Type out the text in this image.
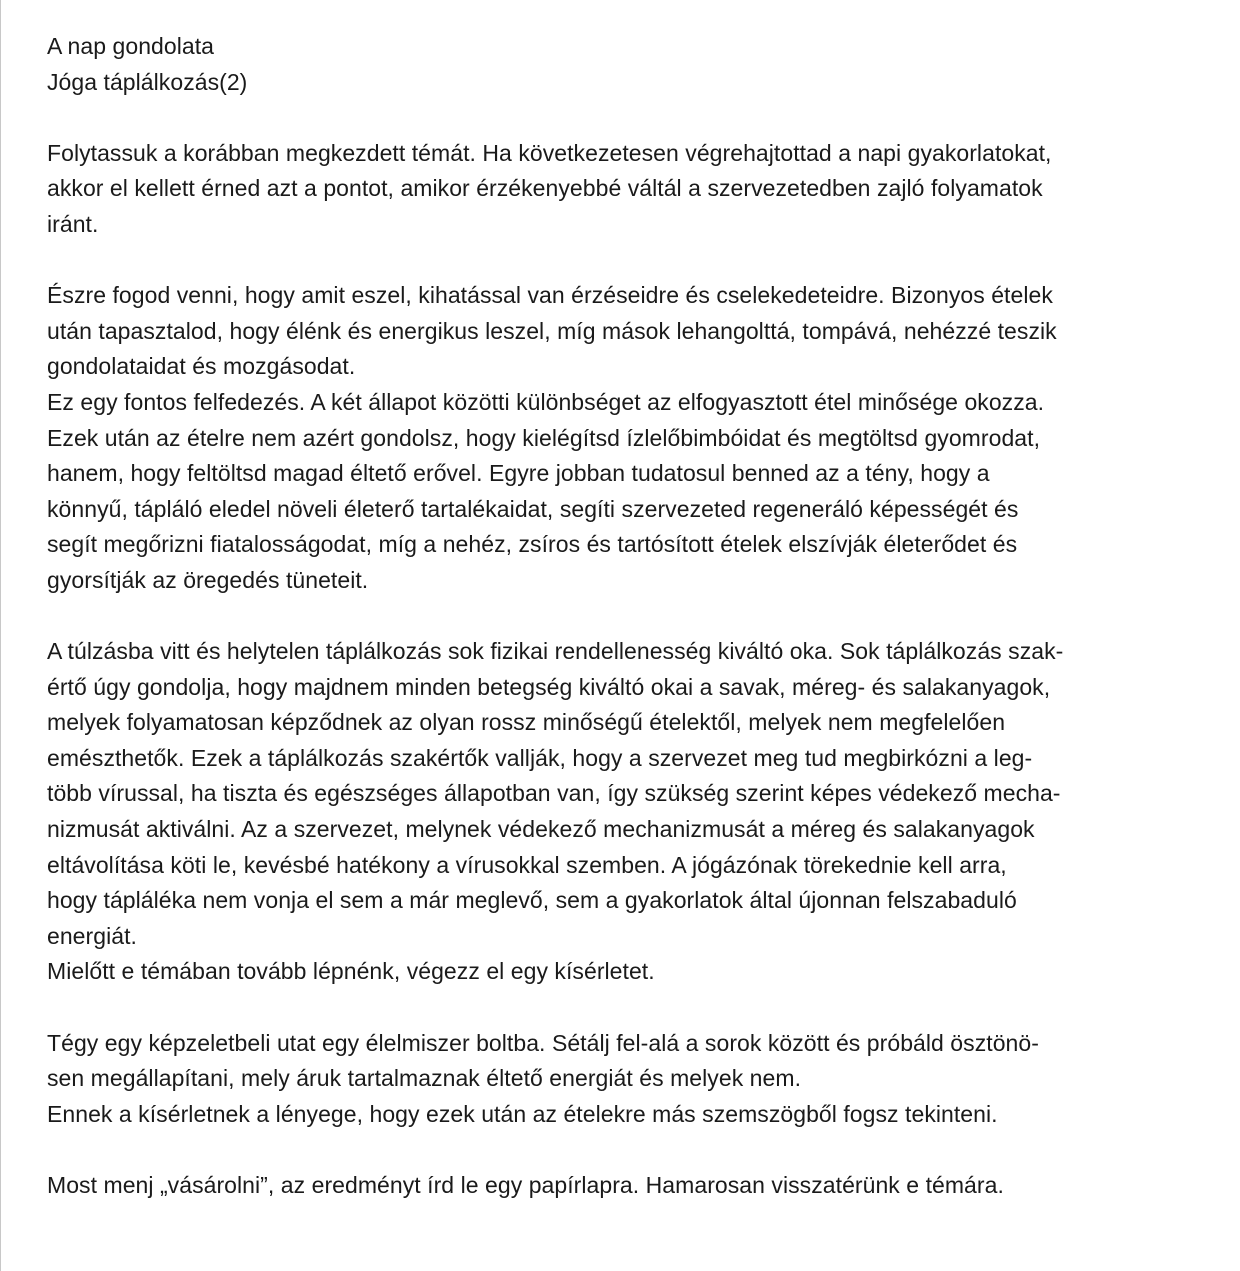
A nap gondolata
Jóga táplálkozás(2)
Folytassuk a korábban megkezdett témát. Ha következetesen végrehajtottad a napi gyakorlatokat,
akkor el kellett érned azt a pontot, amikor érzékenyebbé váltál a szervezetedben zajló folyamatok
iránt.
Észre fogod venni, hogy amit eszel, kihatással van érzéseidre és cselekedeteidre. Bizonyos ételek
után tapasztalod, hogy élénk és energikus leszel, míg mások lehangolttá, tompává, nehézzé teszik
gondolataidat és mozgásodat.
Ez egy fontos felfedezés. A két állapot közötti különbséget az elfogyasztott étel minősége okozza.
Ezek után az ételre nem azért gondolsz, hogy kielégítsd ízlelőbimbóidat és megtöltsd gyomrodat,
hanem, hogy feltöltsd magad éltető erővel. Egyre jobban tudatosul benned az a tény, hogy a
könnyű, tápláló eledel növeli életerő tartalékaidat, segíti szervezeted regeneráló képességét és
segít megőrizni fiatalosságodat, míg a nehéz, zsíros és tartósított ételek elszívják életerődet és
gyorsítják az öregedés tüneteit.
A túlzásba vitt és helytelen táplálkozás sok fizikai rendellenesség kiváltó oka. Sok táplálkozás szak-
értő úgy gondolja, hogy majdnem minden betegség kiváltó okai a savak, méreg- és salakanyagok,
melyek folyamatosan képződnek az olyan rossz minőségű ételektől, melyek nem megfelelően
emészthetők. Ezek a táplálkozás szakértők vallják, hogy a szervezet meg tud megbirkózni a leg-
több vírussal, ha tiszta és egészséges állapotban van, így szükség szerint képes védekező mecha-
nizmusát aktiválni. Az a szervezet, melynek védekező mechanizmusát a méreg és salakanyagok
eltávolítása köti le, kevésbé hatékony a vírusokkal szemben. A jógázónak törekednie kell arra,
hogy tápláléka nem vonja el sem a már meglevő, sem a gyakorlatok által újonnan felszabaduló
energiát.
Mielőtt e témában tovább lépnénk, végezz el egy kísérletet.
Tégy egy képzeletbeli utat egy élelmiszer boltba. Sétálj fel-alá a sorok között és próbáld ösztönö-
sen megállapítani, mely áruk tartalmaznak éltető energiát és melyek nem.
Ennek a kísérletnek a lényege, hogy ezek után az ételekre más szemszögből fogsz tekinteni.
Most menj „vásárolni”, az eredményt írd le egy papírlapra. Hamarosan visszatérünk e témára.
